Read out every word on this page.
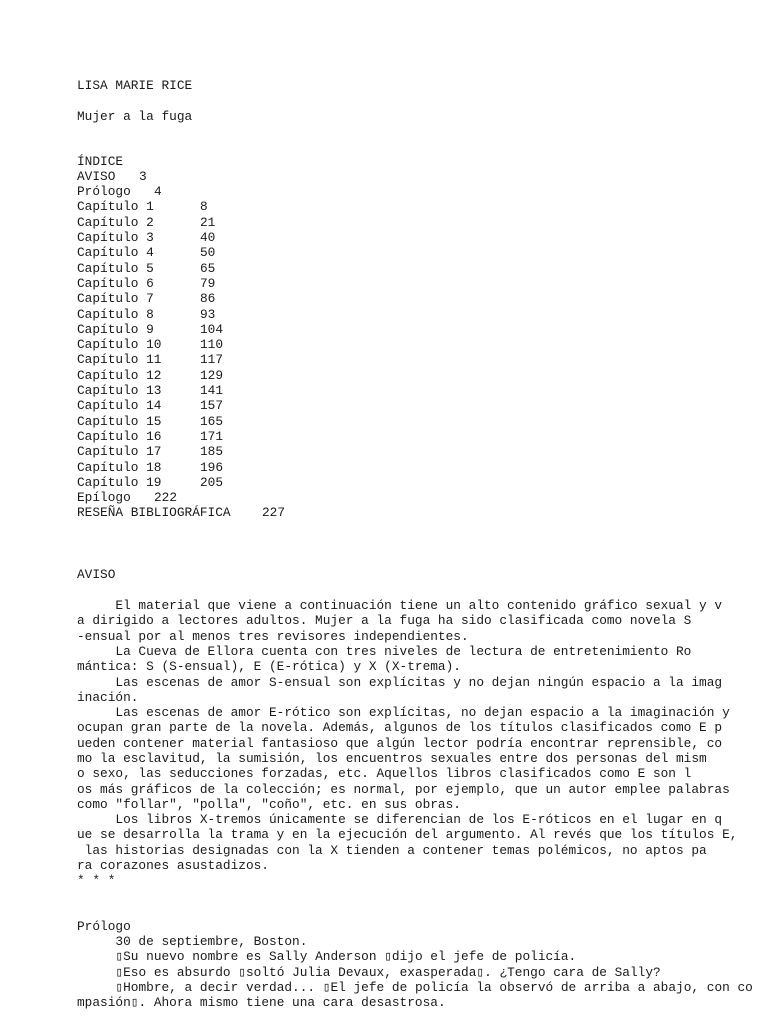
LISA MARIE RICE
Mujer a la fuga
ÍNDICE
AVISO 3
Prólogo 4
Capítulo 1	8
Capítulo 2	21
Capítulo 3	40
Capítulo 4	50
Capítulo 5	65
Capítulo 6	79
Capítulo 7	86
Capítulo 8	93
Capítulo 9	104
Capítulo 10	110
Capítulo 11	117
Capítulo 12	129
Capítulo 13	141
Capítulo 14	157
Capítulo 15	165
Capítulo 16	171
Capítulo 17	185
Capítulo 18	196
Capítulo 19	205
Epílogo 222
RESEÑA BIBLIOGRÁFICA 227
AVISO
El material que viene a continuación tiene un alto contenido gráfico sexual y v
a dirigido a lectores adultos. Mujer a la fuga ha sido clasificada como novela S
-ensual por al menos tres revisores independientes.
La Cueva de Ellora cuenta con tres niveles de lectura de entretenimiento Ro
mántica: S (S-ensual), E (E-rótica) y X (X-trema).
Las escenas de amor S-ensual son explícitas y no dejan ningún espacio a la imag
inación.
Las escenas de amor E-rótico son explícitas, no dejan espacio a la imaginación y
ocupan gran parte de la novela. Además, algunos de los títulos clasificados como E p
ueden contener material fantasioso que algún lector podría encontrar reprensible, co
mo la esclavitud, la sumisión, los encuentros sexuales entre dos personas del mism
o sexo, las seducciones forzadas, etc. Aquellos libros clasificados como E son l
os más gráficos de la colección; es normal, por ejemplo, que un autor emplee palabras
como "follar", "polla", "coño", etc. en sus obras.
Los libros X-tremos únicamente se diferencian de los E-róticos en el lugar en q
ue se desarrolla la trama y en la ejecución del argumento. Al revés que los títulos E,
las historias designadas con la X tienden a contener temas polémicos, no aptos pa
ra corazones asustadizos.
* * *
Prólogo
30 de septiembre, Boston.
▯Su nuevo nombre es Sally Anderson ▯dijo el jefe de policía.
▯Eso es absurdo ▯soltó Julia Devaux, exasperada▯. ¿Tengo cara de Sally?
▯Hombre, a decir verdad... ▯El jefe de policía la observó de arriba a abajo, con co
mpasión▯. Ahora mismo tiene una cara desastrosa.
